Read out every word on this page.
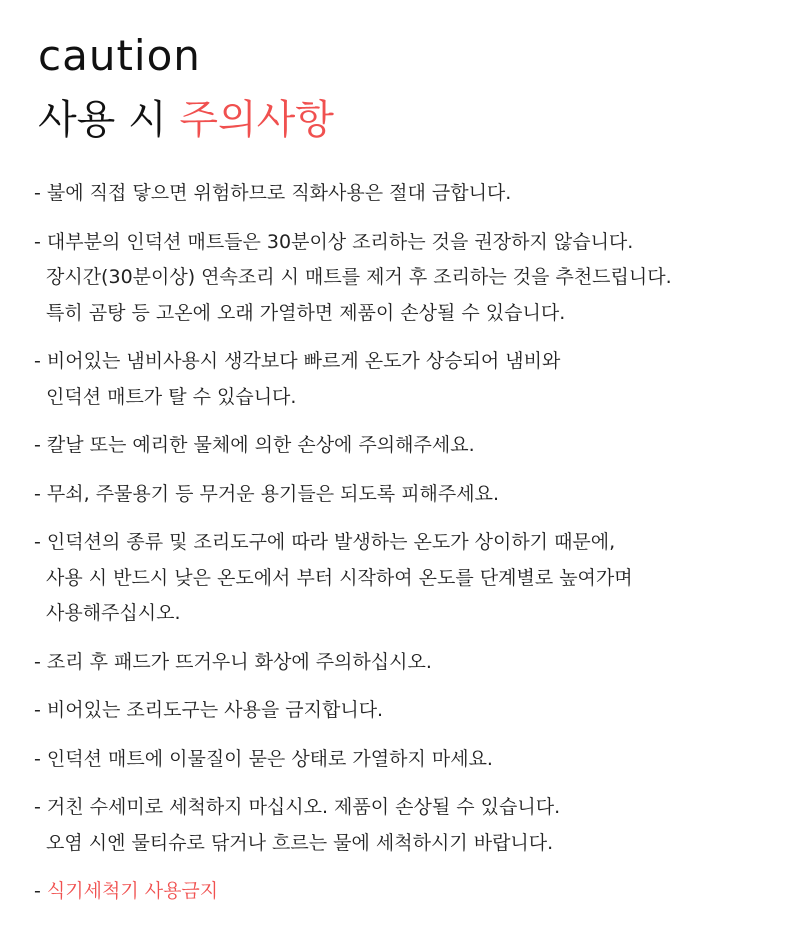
caution
사용 시 주의사항
- 불에 직접 닿으면 위험하므로 직화사용은 절대 금합니다.
- 대부분의 인덕션 매트들은 30분이상 조리하는 것을 권장하지 않습니다.
장시간(30분이상) 연속조리 시 매트를 제거 후 조리하는 것을 추천드립니다.
특히 곰탕 등 고온에 오래 가열하면 제품이 손상될 수 있습니다.
- 비어있는 냄비사용시 생각보다 빠르게 온도가 상승되어 냄비와
인덕션 매트가 탈 수 있습니다.
- 칼날 또는 예리한 물체에 의한 손상에 주의해주세요.
- 무쇠, 주물용기 등 무거운 용기들은 되도록 피해주세요.
- 인덕션의 종류 및 조리도구에 따라 발생하는 온도가 상이하기 때문에,
사용 시 반드시 낮은 온도에서 부터 시작하여 온도를 단계별로 높여가며
사용해주십시오.
- 조리 후 패드가 뜨거우니 화상에 주의하십시오.
- 비어있는 조리도구는 사용을 금지합니다.
- 인덕션 매트에 이물질이 묻은 상태로 가열하지 마세요.
- 거친 수세미로 세척하지 마십시오. 제품이 손상될 수 있습니다.
오염 시엔 물티슈로 닦거나 흐르는 물에 세척하시기 바랍니다.
- 식기세척기 사용금지
